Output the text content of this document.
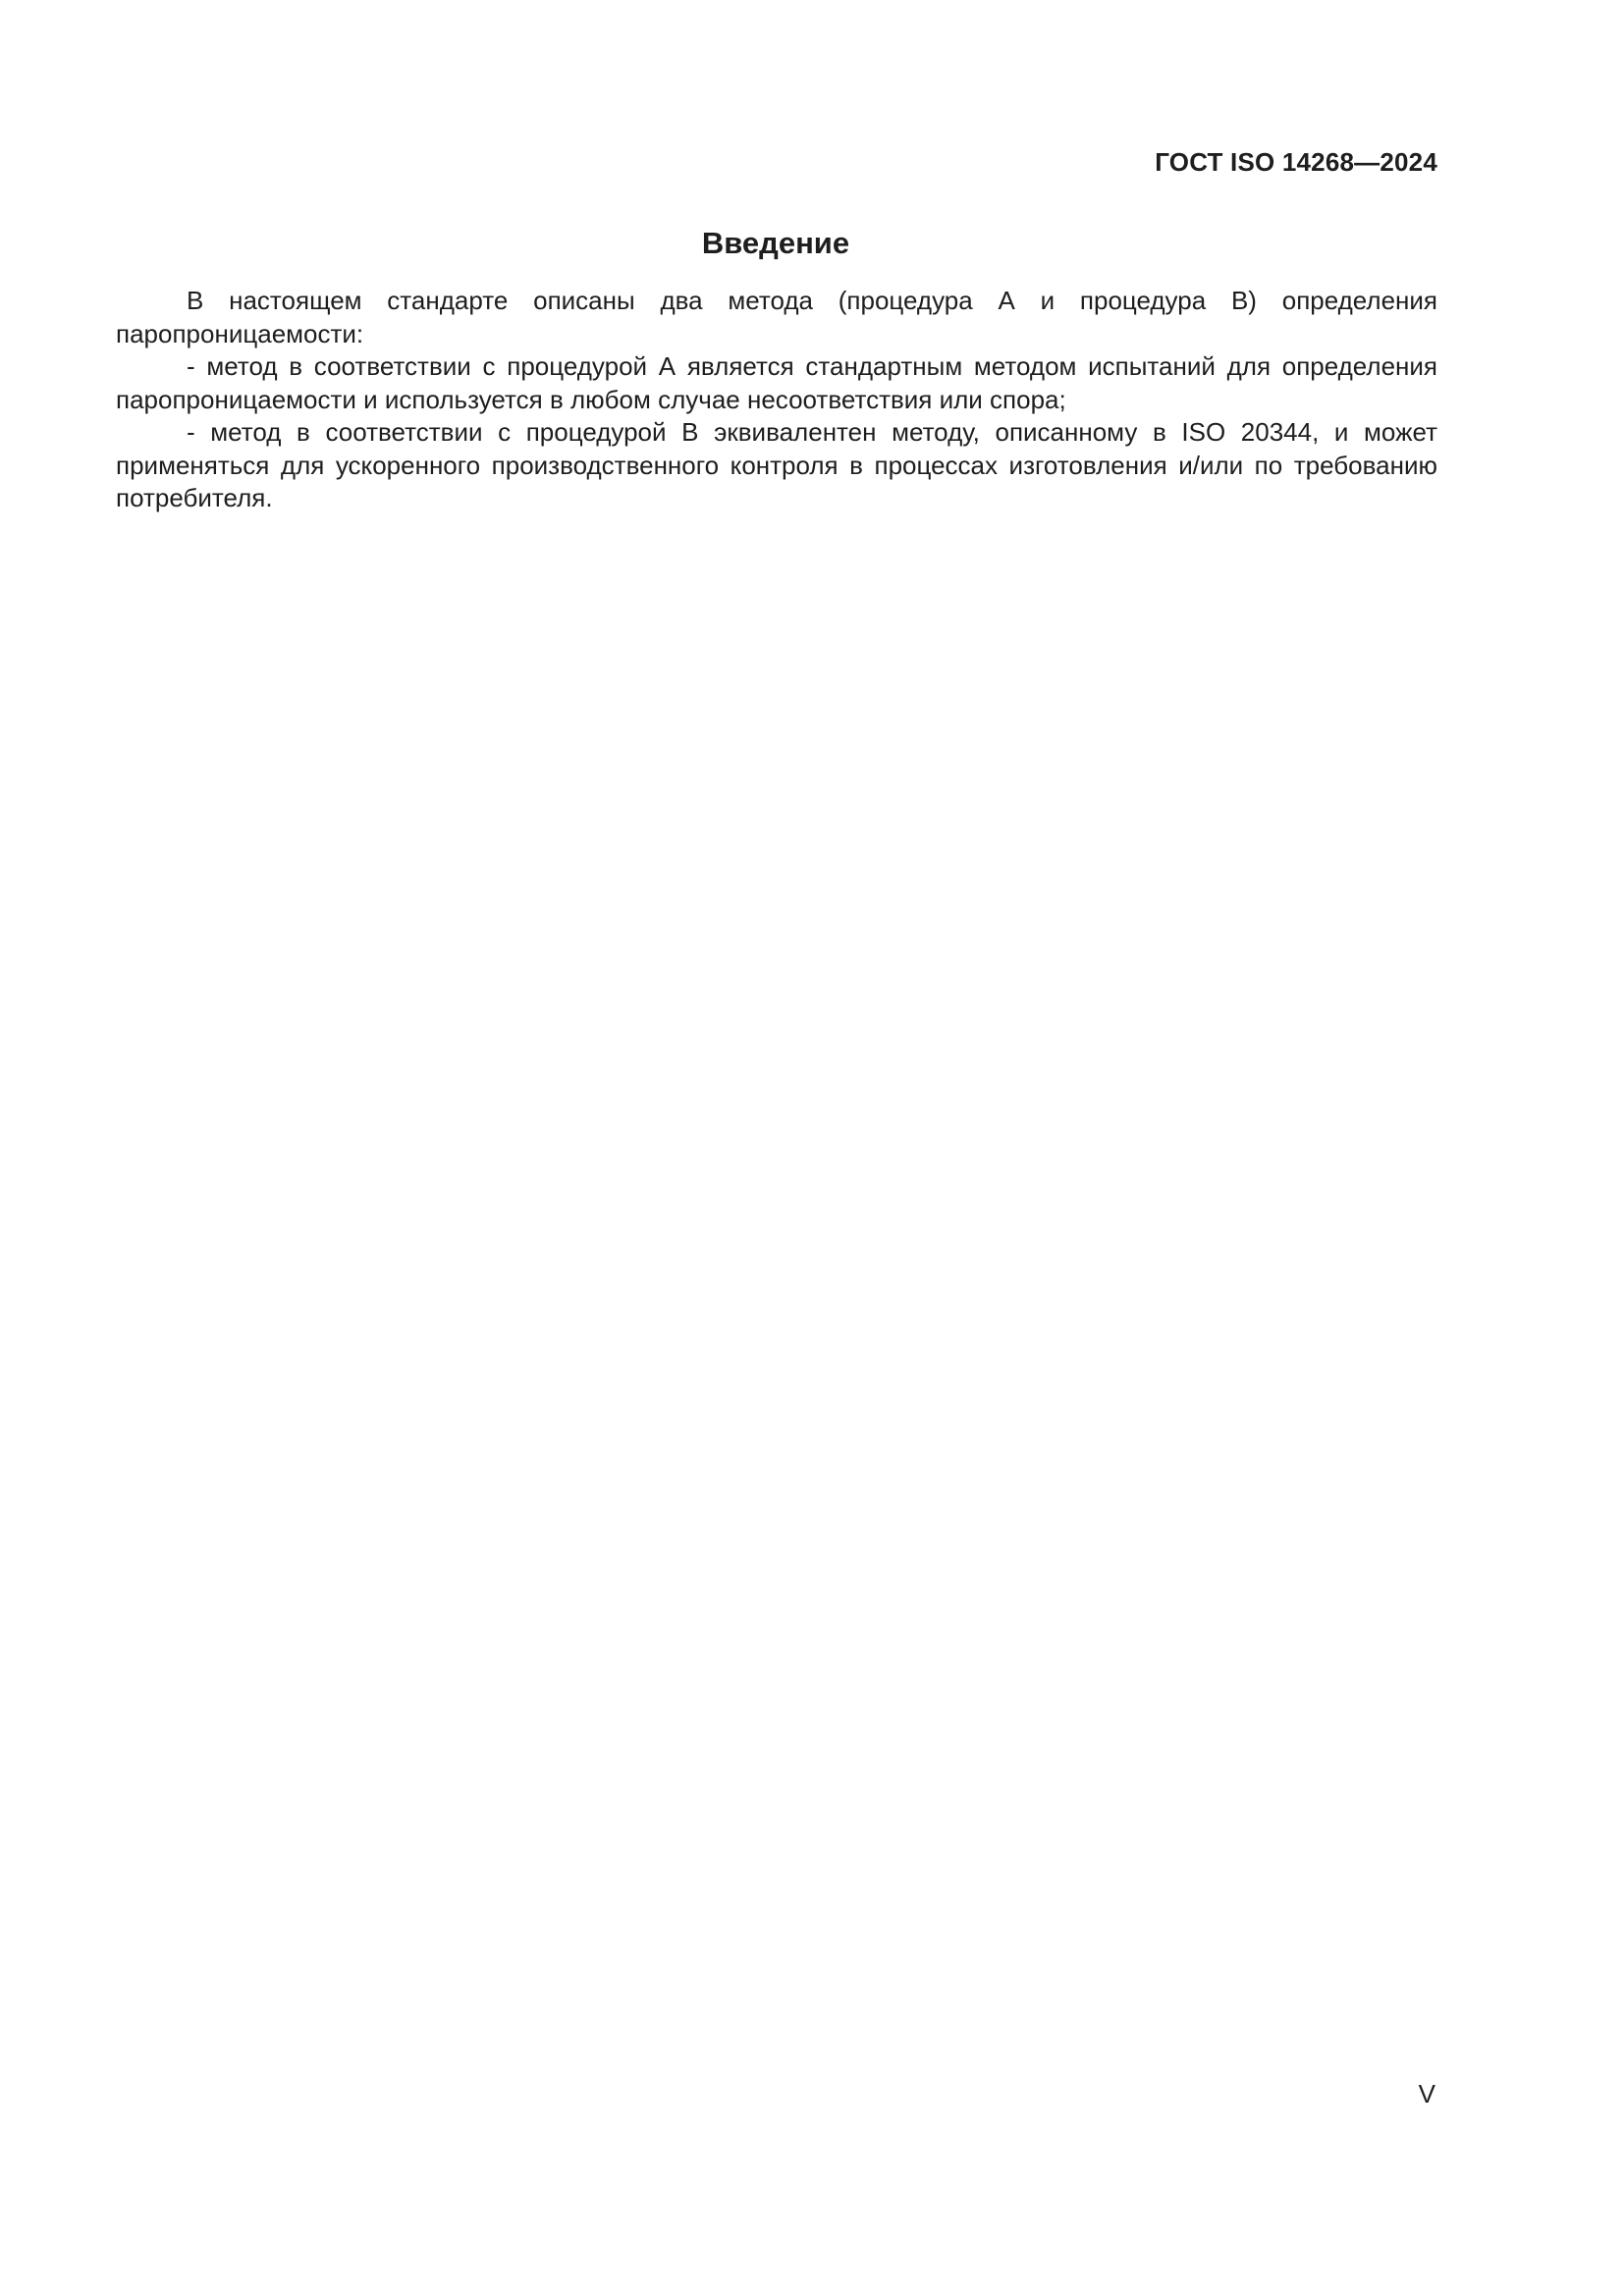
ГОСТ ISO 14268—2024
Введение

В настоящем стандарте описаны два метода (процедура А и процедура В) определения паропроницаемости:

- метод в соответствии с процедурой А является стандартным методом испытаний для определения паропроницаемости и используется в любом случае несоответствия или спора;

- метод в соответствии с процедурой В эквивалентен методу, описанному в ISO 20344, и может применяться для ускоренного производственного контроля в процессах изготовления и/или по требованию потребителя.

V
